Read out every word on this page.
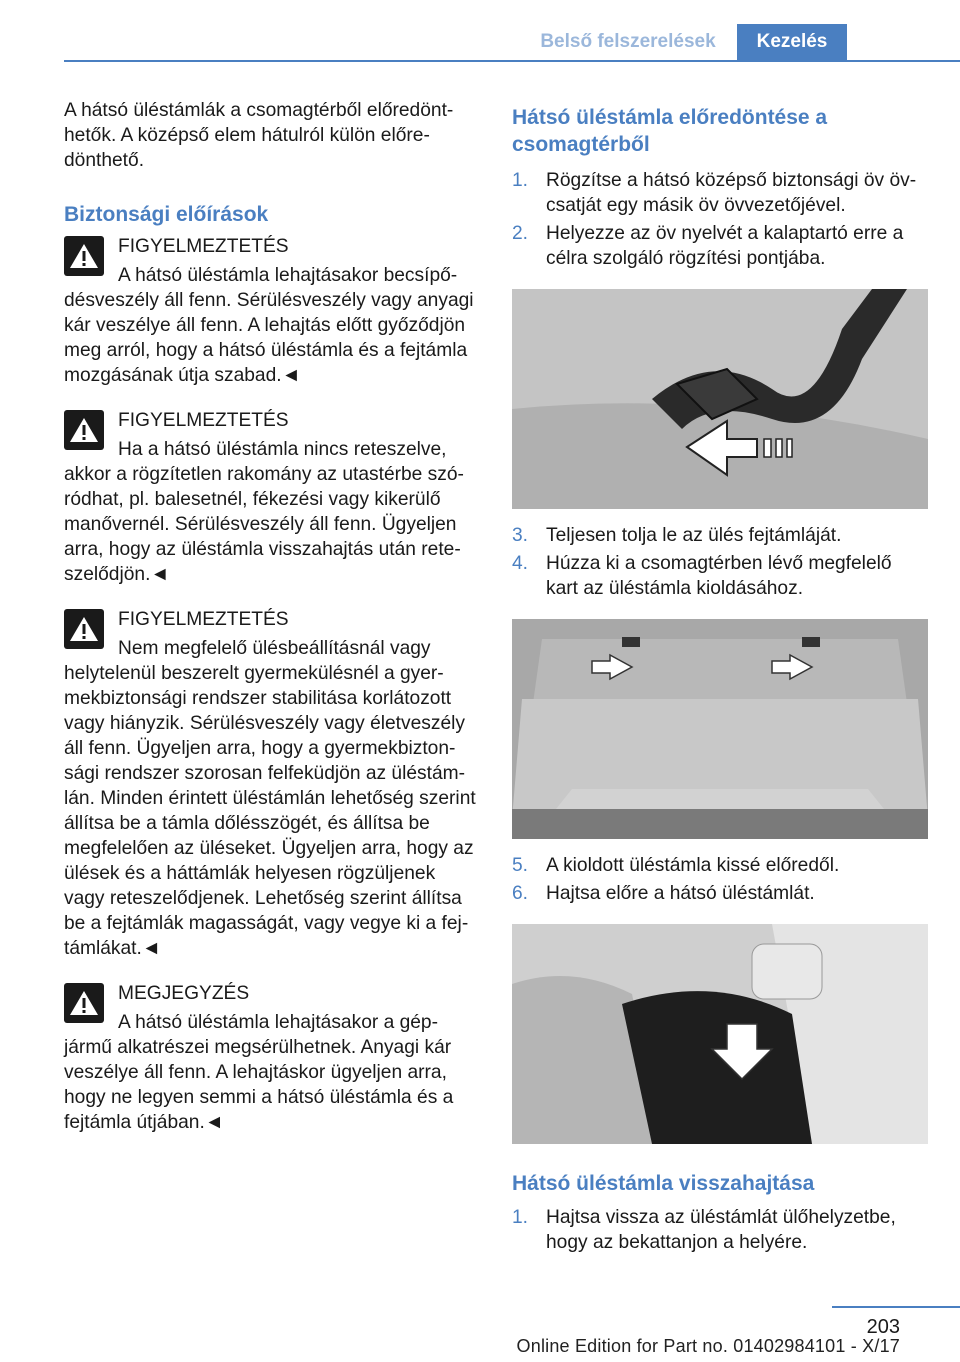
Belső felszerelések	Kezelés

A hátsó üléstámlák a csomagtérből előredönthetők. A középső elem hátulról külön előredönthető.

Biztonsági előírások

FIGYELMEZTETÉS

A hátsó üléstámla lehajtásakor becsípődésveszély áll fenn. Sérülésveszély vagy anyagi kár veszélye áll fenn. A lehajtás előtt győződjön meg arról, hogy a hátsó üléstámla és a fejtámla mozgásának útja szabad.◄

FIGYELMEZTETÉS

Ha a hátsó üléstámla nincs reteszelve, akkor a rögzítetlen rakomány az utastérbe szóródhat, pl. balesetnél, fékezési vagy kikerülő manővernél. Sérülésveszély áll fenn. Ügyeljen arra, hogy az üléstámla visszahajtás után reteszelődjön.◄

FIGYELMEZTETÉS

Nem megfelelő ülésbeállításnál vagy helytelenül beszerelt gyermekülésnél a gyermekbiztonsági rendszer stabilitása korlátozott vagy hiányzik. Sérülésveszély vagy életveszély áll fenn. Ügyeljen arra, hogy a gyermekbiztonsági rendszer szorosan felfeküdjön az üléstámlán. Minden érintett üléstámlán lehetőség szerint állítsa be a támla dőlésszögét, és állítsa be megfelelően az üléseket. Ügyeljen arra, hogy az ülések és a háttámlák helyesen rögzüljenek vagy reteszelődjenek. Lehetőség szerint állítsa be a fejtámlák magasságát, vagy vegye ki a fejtámlákat.◄

MEGJEGYZÉS

A hátsó üléstámla lehajtásakor a gépjármű alkatrészei megsérülhetnek. Anyagi kár veszélye áll fenn. A lehajtáskor ügyeljen arra, hogy ne legyen semmi a hátsó üléstámla és a fejtámla útjában.◄

Hátsó üléstámla előredöntése a csomagtérből
1. Rögzítse a hátsó középső biztonsági öv övcsatját egy másik öv övvezetőjével.
2. Helyezze az öv nyelvét a kalaptartó erre a célra szolgáló rögzítési pontjába.
3. Teljesen tolja le az ülés fejtámláját.
4. Húzza ki a csomagtérben lévő megfelelő kart az üléstámla kioldásához.
5. A kioldott üléstámla kissé előredől.
6. Hajtsa előre a hátsó üléstámlát.
Hátsó üléstámla visszahajtása
1. Hajtsa vissza az üléstámlát ülőhelyzetbe, hogy az bekattanjon a helyére.
203
Online Edition for Part no. 01402984101 - X/17
